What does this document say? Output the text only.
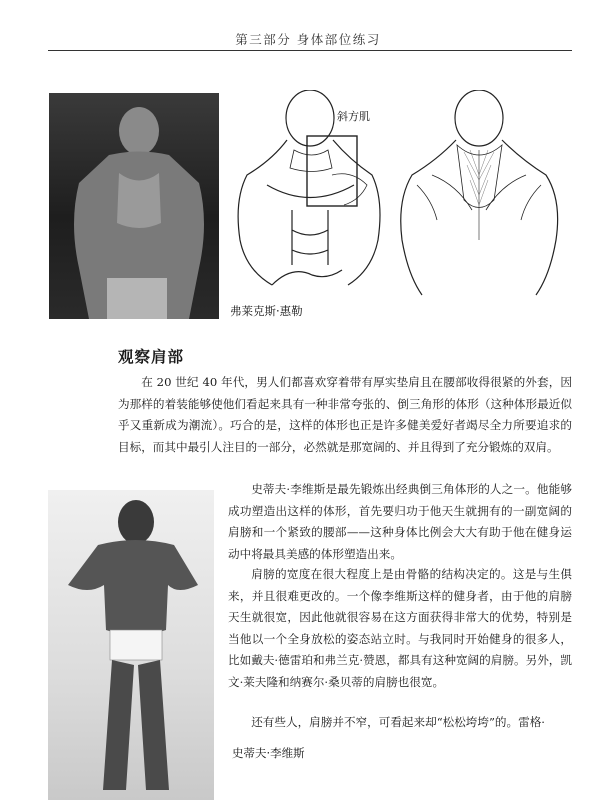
第三部分 身体部位练习
斜方肌
弗莱克斯·惠勒
观察肩部

在 20 世纪 40 年代，男人们都喜欢穿着带有厚实垫肩且在腰部收得很紧的外套，因为那样的着装能够使他们看起来具有一种非常夸张的、倒三角形的体形（这种体形最近似乎又重新成为潮流）。巧合的是，这样的体形也正是许多健美爱好者竭尽全力所要追求的目标，而其中最引人注目的一部分，必然就是那宽阔的、并且得到了充分锻炼的双肩。

史蒂夫·李维斯是最先锻炼出经典倒三角体形的人之一。他能够成功塑造出这样的体形，首先要归功于他天生就拥有的一副宽阔的肩膀和一个紧致的腰部——这种身体比例会大大有助于他在健身运动中将最具美感的体形塑造出来。

肩膀的宽度在很大程度上是由骨骼的结构决定的。这是与生俱来，并且很难更改的。一个像李维斯这样的健身者，由于他的肩膀天生就很宽，因此他就很容易在这方面获得非常大的优势，特别是当他以一个全身放松的姿态站立时。与我同时开始健身的很多人，比如戴夫·德雷珀和弗兰克·赞恩，都具有这种宽阔的肩膀。另外，凯文·莱夫隆和纳赛尔·桑贝蒂的肩膀也很宽。

还有些人，肩膀并不窄，可看起来却“松松垮垮”的。雷格·

史蒂夫·李维斯
